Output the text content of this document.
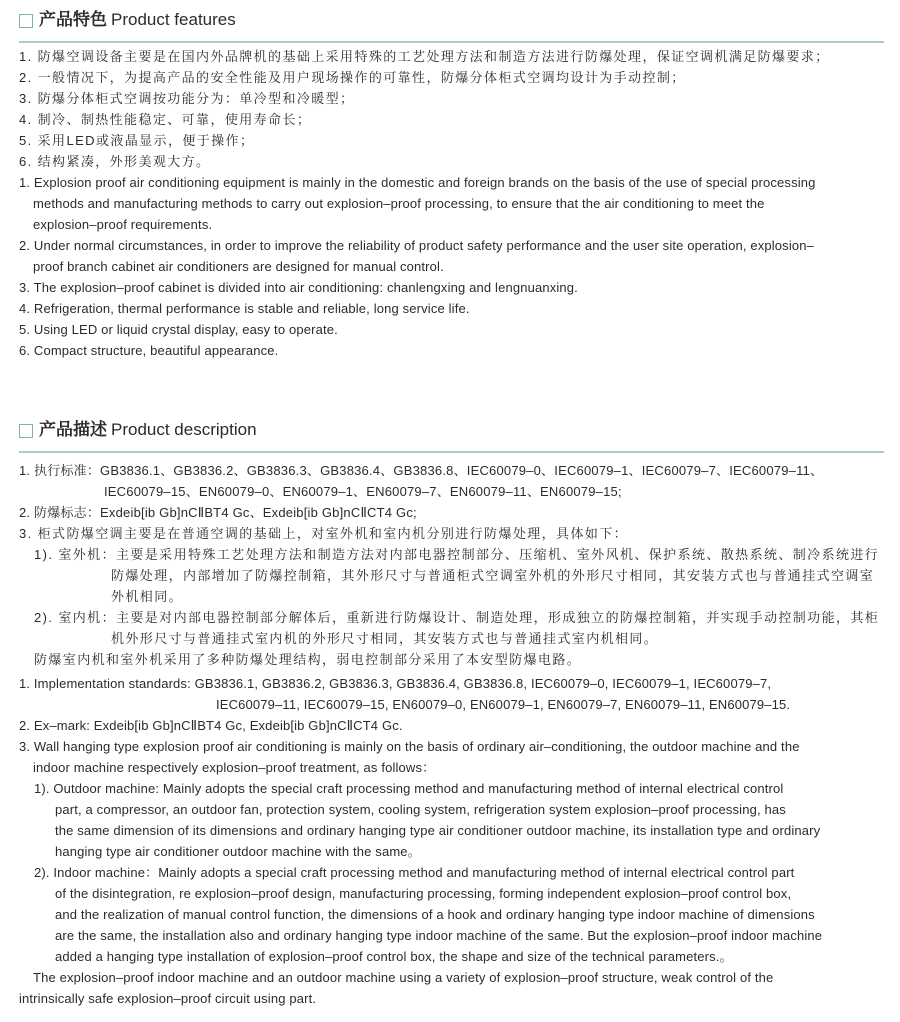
产品特色 Product features
1. 防爆空调设备主要是在国内外品牌机的基础上采用特殊的工艺处理方法和制造方法进行防爆处理，保证空调机满足防爆要求；
2. 一般情况下，为提高产品的安全性能及用户现场操作的可靠性，防爆分体柜式空调均设计为手动控制；
3. 防爆分体柜式空调按功能分为：单冷型和冷暖型；
4. 制冷、制热性能稳定、可靠，使用寿命长；
5. 采用LED或液晶显示，便于操作；
6. 结构紧凑，外形美观大方。
1. Explosion proof air conditioning equipment is mainly in the domestic and foreign brands on the basis of the use of special processing
methods and manufacturing methods to carry out explosion–proof processing, to ensure that the air conditioning to meet the
explosion–proof requirements.
2. Under normal circumstances, in order to improve the reliability of product safety performance and the user site operation, explosion–
proof branch cabinet air conditioners are designed for manual control.
3. The explosion–proof cabinet is divided into air conditioning: chanlengxing and lengnuanxing.
4. Refrigeration, thermal performance is stable and reliable, long service life.
5. Using LED or liquid crystal display, easy to operate.
6. Compact structure, beautiful appearance.
产品描述 Product description
1. 执行标准：GB3836.1、GB3836.2、GB3836.3、GB3836.4、GB3836.8、IEC60079–0、IEC60079–1、IEC60079–7、IEC60079–11、
IEC60079–15、EN60079–0、EN60079–1、EN60079–7、EN60079–11、EN60079–15;
2. 防爆标志：Exdeib[ib Gb]nCⅡBT4 Gc、Exdeib[ib Gb]nCⅡCT4 Gc;
3. 柜式防爆空调主要是在普通空调的基础上，对室外机和室内机分别进行防爆处理，具体如下：
1). 室外机：主要是采用特殊工艺处理方法和制造方法对内部电器控制部分、压缩机、室外风机、保护系统、散热系统、制冷系统进行
防爆处理，内部增加了防爆控制箱，其外形尺寸与普通柜式空调室外机的外形尺寸相同，其安装方式也与普通挂式空调室
外机相同。
2). 室内机：主要是对内部电器控制部分解体后，重新进行防爆设计、制造处理，形成独立的防爆控制箱，并实现手动控制功能，其柜
机外形尺寸与普通挂式室内机的外形尺寸相同，其安装方式也与普通挂式室内机相同。
防爆室内机和室外机采用了多种防爆处理结构，弱电控制部分采用了本安型防爆电路。
1. Implementation standards: GB3836.1, GB3836.2, GB3836.3, GB3836.4, GB3836.8, IEC60079–0, IEC60079–1, IEC60079–7,
IEC60079–11, IEC60079–15, EN60079–0, EN60079–1, EN60079–7, EN60079–11, EN60079–15.
2. Ex–mark: Exdeib[ib Gb]nCⅡBT4 Gc, Exdeib[ib Gb]nCⅡCT4 Gc.
3. Wall hanging type explosion proof air conditioning is mainly on the basis of ordinary air–conditioning, the outdoor machine and the
indoor machine respectively explosion–proof treatment, as follows：
1). Outdoor machine: Mainly adopts the special craft processing method and manufacturing method of internal electrical control
part, a compressor, an outdoor fan, protection system, cooling system, refrigeration system explosion–proof processing, has
the same dimension of its dimensions and ordinary hanging type air conditioner outdoor machine, its installation type and ordinary
hanging type air conditioner outdoor machine with the same。
2). Indoor machine：Mainly adopts a special craft processing method and manufacturing method of internal electrical control part
of the disintegration, re explosion–proof design, manufacturing processing, forming independent explosion–proof control box,
and the realization of manual control function, the dimensions of a hook and ordinary hanging type indoor machine of dimensions
are the same, the installation also and ordinary hanging type indoor machine of the same. But the explosion–proof indoor machine
added a hanging type installation of explosion–proof control box, the shape and size of the technical parameters.。
The explosion–proof indoor machine and an outdoor machine using a variety of explosion–proof structure, weak control of the
intrinsically safe explosion–proof circuit using part.
